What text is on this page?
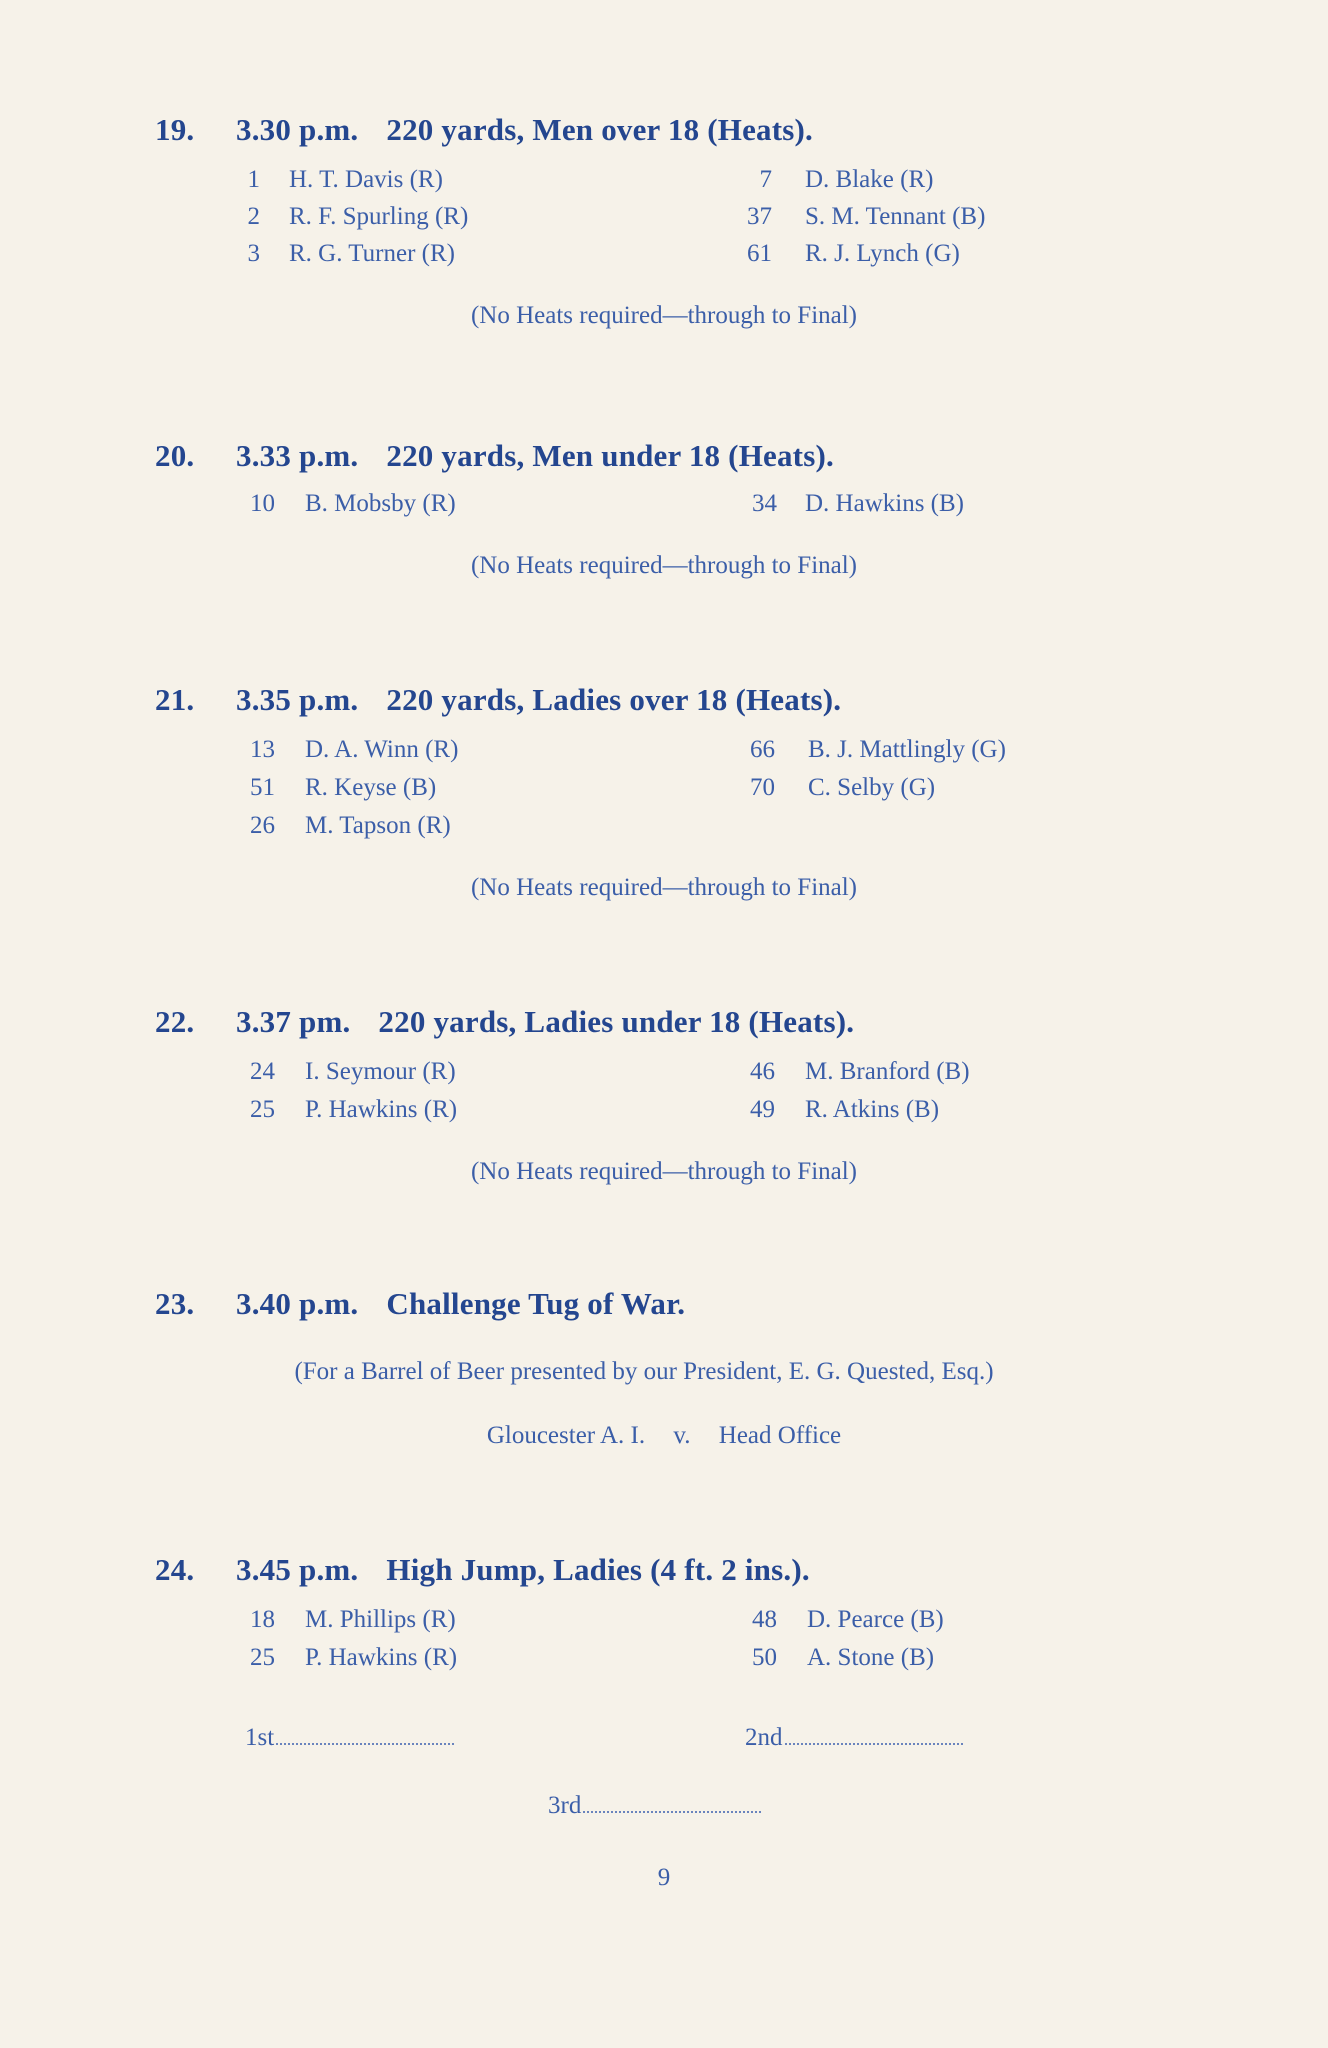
19. 3.30 p.m. 220 yards, Men over 18 (Heats).
1 H. T. Davis (R)	7 D. Blake (R)
2 R. F. Spurling (R)	37 S. M. Tennant (B)
3 R. G. Turner (R)	61 R. J. Lynch (G)
(No Heats required—through to Final)
20. 3.33 p.m. 220 yards, Men under 18 (Heats).
10 B. Mobsby (R)	34 D. Hawkins (B)
(No Heats required—through to Final)
21. 3.35 p.m. 220 yards, Ladies over 18 (Heats).
13 D. A. Winn (R)	66 B. J. Mattlingly (G)
51 R. Keyse (B)	70 C. Selby (G)
26 M. Tapson (R)
(No Heats required—through to Final)
22. 3.37 pm. 220 yards, Ladies under 18 (Heats).
24 I. Seymour (R)	46 M. Branford (B)
25 P. Hawkins (R)	49 R. Atkins (B)
(No Heats required—through to Final)
23. 3.40 p.m. Challenge Tug of War.
(For a Barrel of Beer presented by our President, E. G. Quested, Esq.)
Gloucester A. I. v. Head Office
24. 3.45 p.m. High Jump, Ladies (4 ft. 2 ins.).
18 M. Phillips (R)	48 D. Pearce (B)
25 P. Hawkins (R)	50 A. Stone (B)
1st	2nd
3rd
9
